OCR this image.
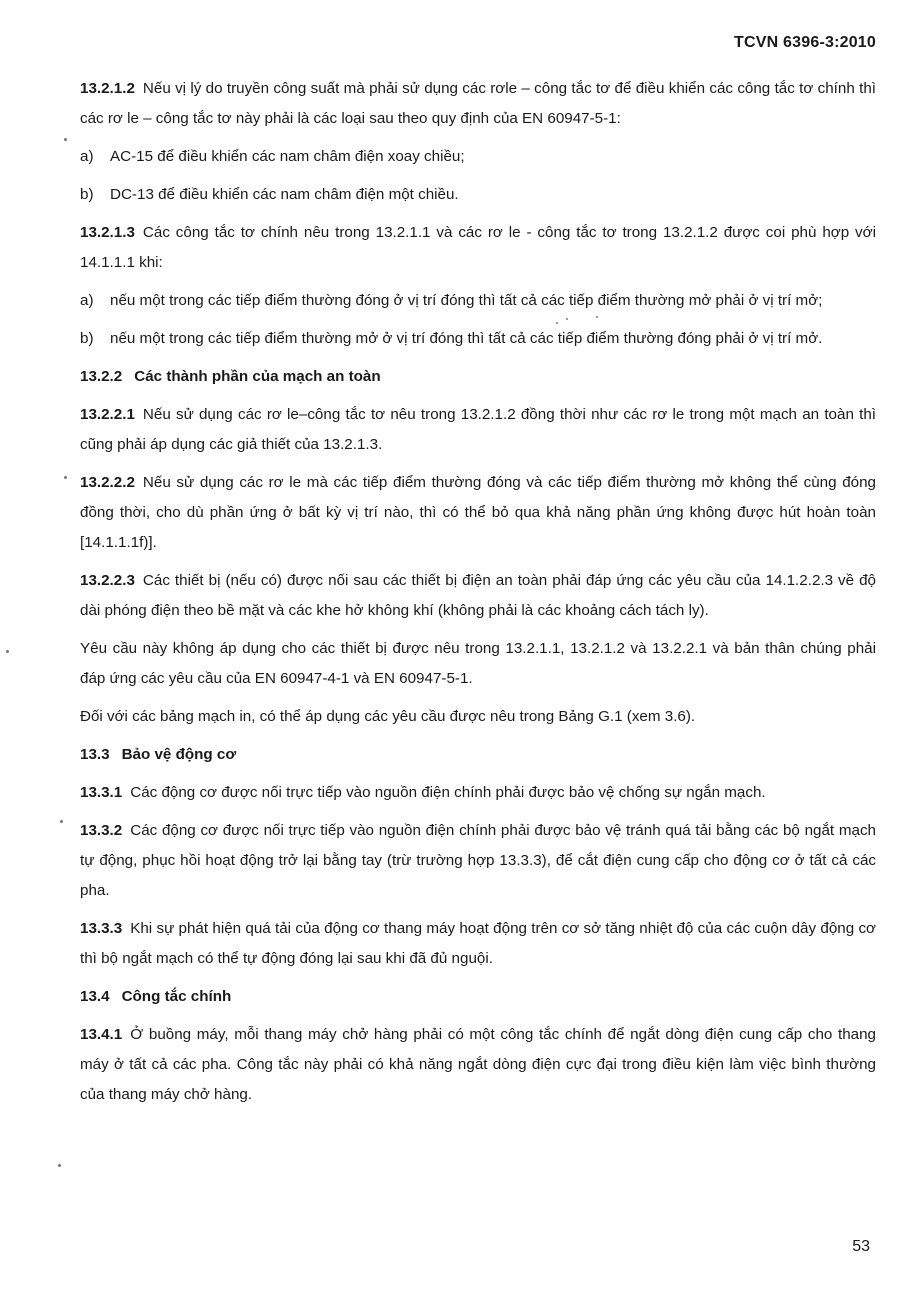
TCVN 6396-3:2010

13.2.1.2 Nếu vị lý do truyền công suất mà phải sử dụng các rơle – công tắc tơ để điều khiển các công tắc tơ chính thì các rơ le – công tắc tơ này phải là các loại sau theo quy định của EN 60947-5-1:

a)	AC-15 để điều khiển các nam châm điện xoay chiều;
b)	DC-13 để điều khiển các nam châm điện một chiều.

13.2.1.3 Các công tắc tơ chính nêu trong 13.2.1.1 và các rơ le - công tắc tơ trong 13.2.1.2 được coi phù hợp với 14.1.1.1 khi:

a)	nếu một trong các tiếp điểm thường đóng ở vị trí đóng thì tất cả các tiếp điểm thường mở phải ở vị trí mở;
b)	nếu một trong các tiếp điểm thường mở ở vị trí đóng thì tất cả các tiếp điểm thường đóng phải ở vị trí mở.
13.2.2 Các thành phần của mạch an toàn

13.2.2.1 Nếu sử dụng các rơ le–công tắc tơ nêu trong 13.2.1.2 đồng thời như các rơ le trong một mạch an toàn thì cũng phải áp dụng các giả thiết của 13.2.1.3.

13.2.2.2 Nếu sử dụng các rơ le mà các tiếp điểm thường đóng và các tiếp điểm thường mở không thể cùng đóng đồng thời, cho dù phần ứng ở bất kỳ vị trí nào, thì có thể bỏ qua khả năng phần ứng không được hút hoàn toàn [14.1.1.1f)].

13.2.2.3 Các thiết bị (nếu có) được nối sau các thiết bị điện an toàn phải đáp ứng các yêu cầu của 14.1.2.2.3 về độ dài phóng điện theo bề mặt và các khe hở không khí (không phải là các khoảng cách tách ly).

Yêu cầu này không áp dụng cho các thiết bị được nêu trong 13.2.1.1, 13.2.1.2 và 13.2.2.1 và bản thân chúng phải đáp ứng các yêu cầu của EN 60947-4-1 và EN 60947-5-1.

Đối với các bảng mạch in, có thể áp dụng các yêu cầu được nêu trong Bảng G.1 (xem 3.6).

13.3 Bảo vệ động cơ

13.3.1 Các động cơ được nối trực tiếp vào nguồn điện chính phải được bảo vệ chống sự ngắn mạch.

13.3.2 Các động cơ được nối trực tiếp vào nguồn điện chính phải được bảo vệ tránh quá tải bằng các bộ ngắt mạch tự động, phục hồi hoạt động trở lại bằng tay (trừ trường hợp 13.3.3), để cắt điện cung cấp cho động cơ ở tất cả các pha.

13.3.3 Khi sự phát hiện quá tải của động cơ thang máy hoạt động trên cơ sở tăng nhiệt độ của các cuộn dây động cơ thì bộ ngắt mạch có thể tự động đóng lại sau khi đã đủ nguội.

13.4 Công tắc chính

13.4.1 Ở buồng máy, mỗi thang máy chở hàng phải có một công tắc chính để ngắt dòng điện cung cấp cho thang máy ở tất cả các pha. Công tắc này phải có khả năng ngắt dòng điện cực đại trong điều kiện làm việc bình thường của thang máy chở hàng.

53
